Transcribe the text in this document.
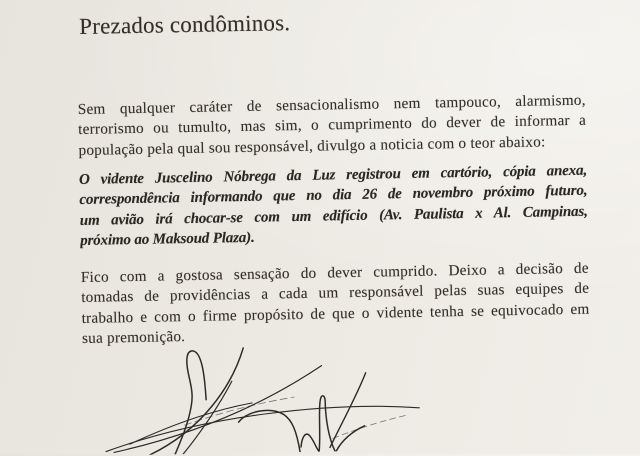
Prezados condôminos.
Sem qualquer caráter de sensacionalismo nem tampouco, alarmismo,
terrorismo ou tumulto, mas sim, o cumprimento do dever de informar a
população pela qual sou responsável, divulgo a noticia com o teor abaixo:
O vidente Juscelino Nóbrega da Luz registrou em cartório, cópia anexa,
correspondência informando que no dia 26 de novembro próximo futuro,
um avião irá chocar-se com um edifício (Av. Paulista x Al. Campinas,
próximo ao Maksoud Plaza).
Fico com a gostosa sensação do dever cumprido. Deixo a decisão de
tomadas de providências a cada um responsável pelas suas equipes de
trabalho e com o firme propósito de que o vidente tenha se equivocado em
sua premonição.
